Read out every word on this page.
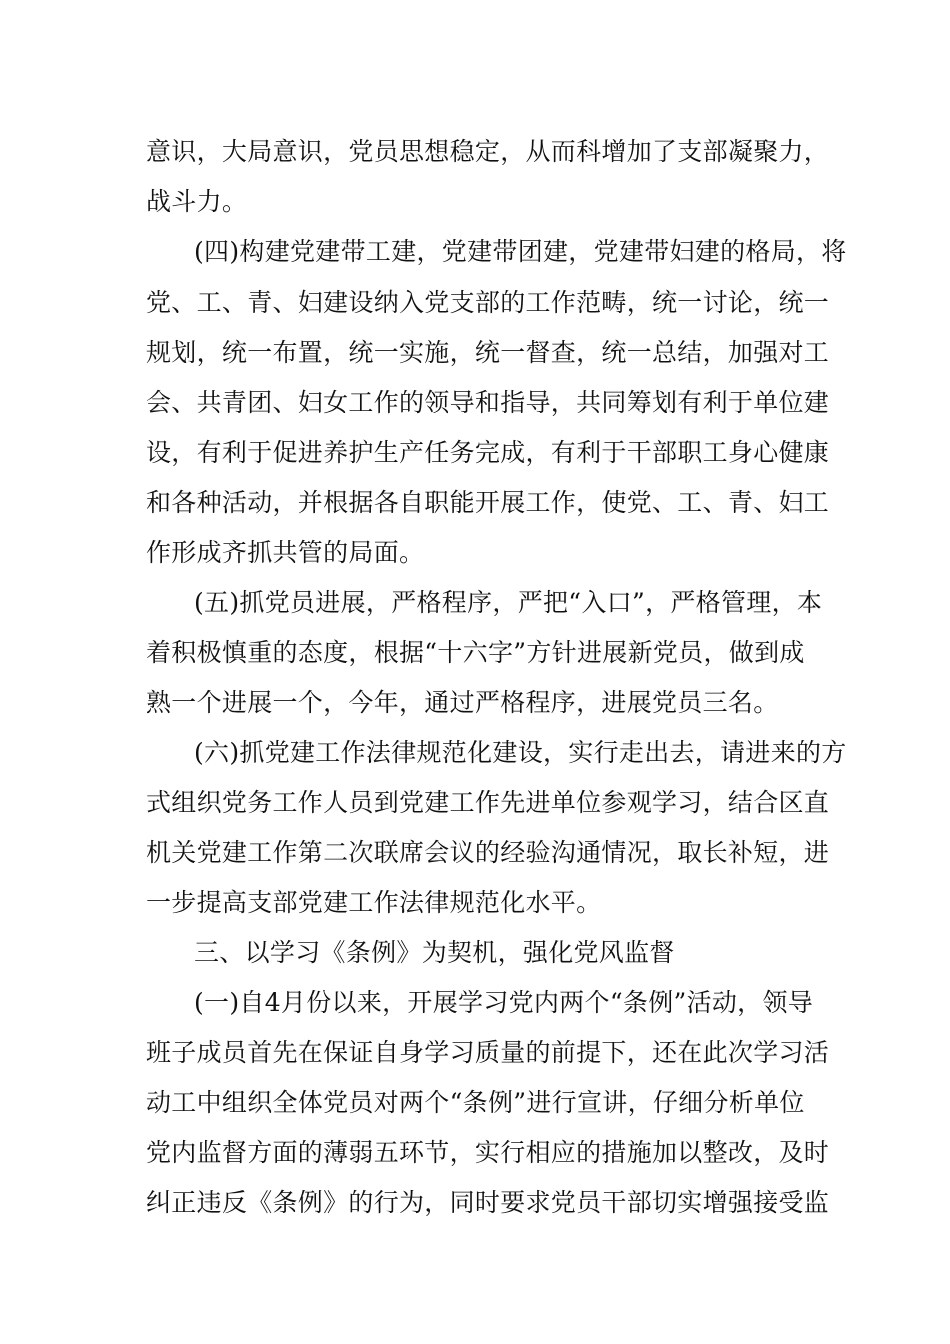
意识，大局意识，党员思想稳定，从而科增加了支部凝聚力，
战斗力。
(四)构建党建带工建，党建带团建，党建带妇建的格局，将
党、工、青、妇建设纳入党支部的工作范畴，统一讨论，统一
规划，统一布置，统一实施，统一督查，统一总结，加强对工
会、共青团、妇女工作的领导和指导，共同筹划有利于单位建
设，有利于促进养护生产任务完成，有利于干部职工身心健康
和各种活动，并根据各自职能开展工作，使党、工、青、妇工
作形成齐抓共管的局面。
(五)抓党员进展，严格程序，严把“入口”，严格管理，本
着积极慎重的态度，根据“十六字”方针进展新党员，做到成
熟一个进展一个，今年，通过严格程序，进展党员三名。
(六)抓党建工作法律规范化建设，实行走出去，请进来的方
式组织党务工作人员到党建工作先进单位参观学习，结合区直
机关党建工作第二次联席会议的经验沟通情况，取长补短，进
一步提高支部党建工作法律规范化水平。
三、以学习《条例》为契机，强化党风监督
(一)自4月份以来，开展学习党内两个“条例”活动，领导
班子成员首先在保证自身学习质量的前提下，还在此次学习活
动工中组织全体党员对两个“条例”进行宣讲，仔细分析单位
党内监督方面的薄弱五环节，实行相应的措施加以整改，及时
纠正违反《条例》的行为，同时要求党员干部切实增强接受监
